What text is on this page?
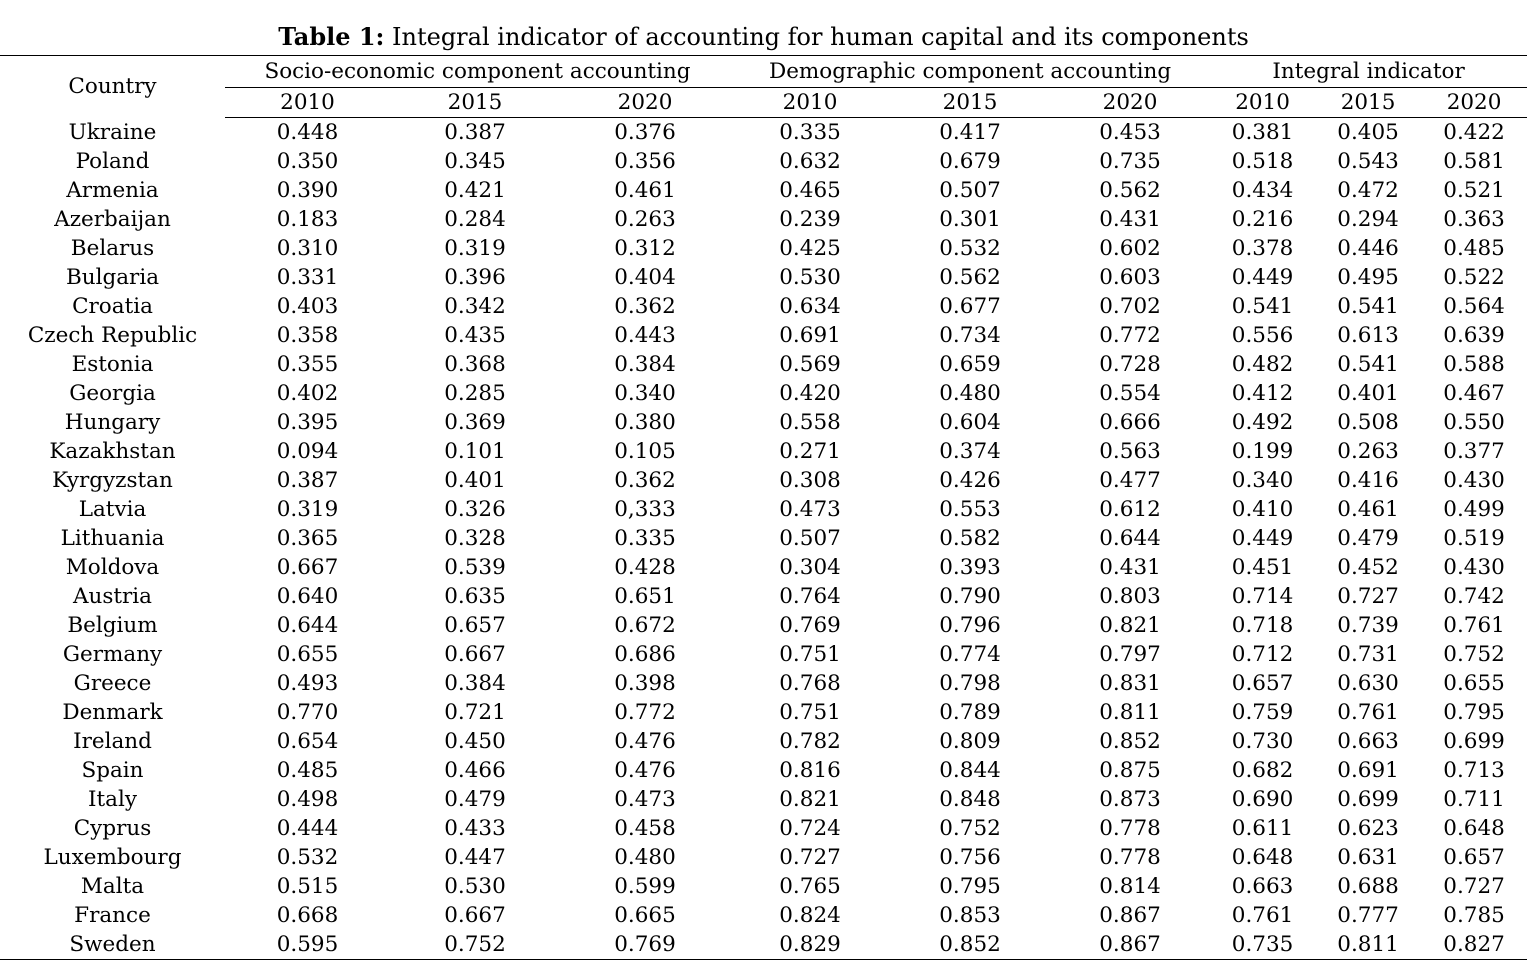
Table 1: Integral indicator of accounting for human capital and its components
Country	Socio-economic component accounting			Demographic component accounting			Integral indicator		
	2010	2015	2020	2010	2015	2020	2010	2015	2020
Ukraine	0.448	0.387	0.376	0.335	0.417	0.453	0.381	0.405	0.422
Poland	0.350	0.345	0.356	0.632	0.679	0.735	0.518	0.543	0.581
Armenia	0.390	0.421	0.461	0.465	0.507	0.562	0.434	0.472	0.521
Azerbaijan	0.183	0.284	0.263	0.239	0.301	0.431	0.216	0.294	0.363
Belarus	0.310	0.319	0.312	0.425	0.532	0.602	0.378	0.446	0.485
Bulgaria	0.331	0.396	0.404	0.530	0.562	0.603	0.449	0.495	0.522
Croatia	0.403	0.342	0.362	0.634	0.677	0.702	0.541	0.541	0.564
Czech Republic	0.358	0.435	0.443	0.691	0.734	0.772	0.556	0.613	0.639
Estonia	0.355	0.368	0.384	0.569	0.659	0.728	0.482	0.541	0.588
Georgia	0.402	0.285	0.340	0.420	0.480	0.554	0.412	0.401	0.467
Hungary	0.395	0.369	0.380	0.558	0.604	0.666	0.492	0.508	0.550
Kazakhstan	0.094	0.101	0.105	0.271	0.374	0.563	0.199	0.263	0.377
Kyrgyzstan	0.387	0.401	0.362	0.308	0.426	0.477	0.340	0.416	0.430
Latvia	0.319	0.326	0,333	0.473	0.553	0.612	0.410	0.461	0.499
Lithuania	0.365	0.328	0.335	0.507	0.582	0.644	0.449	0.479	0.519
Moldova	0.667	0.539	0.428	0.304	0.393	0.431	0.451	0.452	0.430
Austria	0.640	0.635	0.651	0.764	0.790	0.803	0.714	0.727	0.742
Belgium	0.644	0.657	0.672	0.769	0.796	0.821	0.718	0.739	0.761
Germany	0.655	0.667	0.686	0.751	0.774	0.797	0.712	0.731	0.752
Greece	0.493	0.384	0.398	0.768	0.798	0.831	0.657	0.630	0.655
Denmark	0.770	0.721	0.772	0.751	0.789	0.811	0.759	0.761	0.795
Ireland	0.654	0.450	0.476	0.782	0.809	0.852	0.730	0.663	0.699
Spain	0.485	0.466	0.476	0.816	0.844	0.875	0.682	0.691	0.713
Italy	0.498	0.479	0.473	0.821	0.848	0.873	0.690	0.699	0.711
Cyprus	0.444	0.433	0.458	0.724	0.752	0.778	0.611	0.623	0.648
Luxembourg	0.532	0.447	0.480	0.727	0.756	0.778	0.648	0.631	0.657
Malta	0.515	0.530	0.599	0.765	0.795	0.814	0.663	0.688	0.727
France	0.668	0.667	0.665	0.824	0.853	0.867	0.761	0.777	0.785
Sweden	0.595	0.752	0.769	0.829	0.852	0.867	0.735	0.811	0.827
